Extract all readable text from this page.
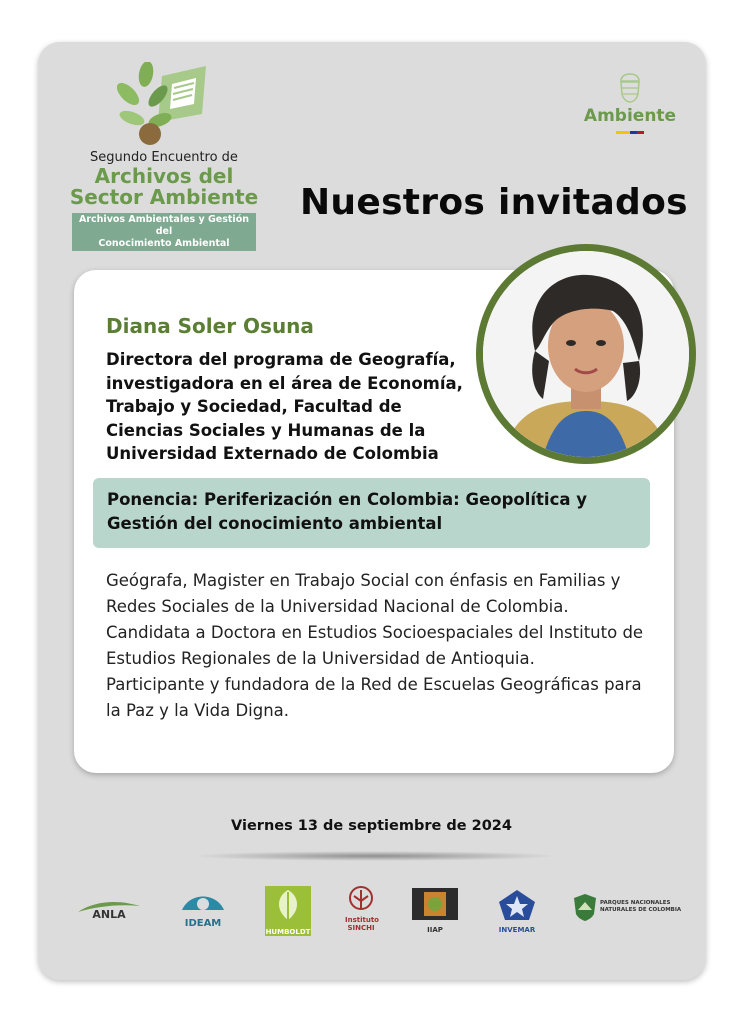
Segundo Encuentro de
Archivos del
Sector Ambiente
Archivos Ambientales y Gestión del
Conocimiento Ambiental
Ambiente
Nuestros invitados
Diana Soler Osuna
Directora del programa de Geografía,
investigadora en el área de Economía,
Trabajo y Sociedad, Facultad de
Ciencias Sociales y Humanas de la
Universidad Externado de Colombia
Ponencia: Periferización en Colombia: Geopolítica y
Gestión del conocimiento ambiental

Geógrafa, Magister en Trabajo Social con énfasis en Familias y Redes Sociales de la Universidad Nacional de Colombia. Candidata a Doctora en Estudios Socioespaciales del Instituto de Estudios Regionales de la Universidad de Antioquia.

Participante y fundadora de la Red de Escuelas Geográficas para la Paz y la Vida Digna.

Viernes 13 de septiembre de 2024
ANLA
IDEAM
HUMBOLDT
Instituto
SINCHI	IIAP	INVEMAR
PARQUES NACIONALES
NATURALES DE COLOMBIA
